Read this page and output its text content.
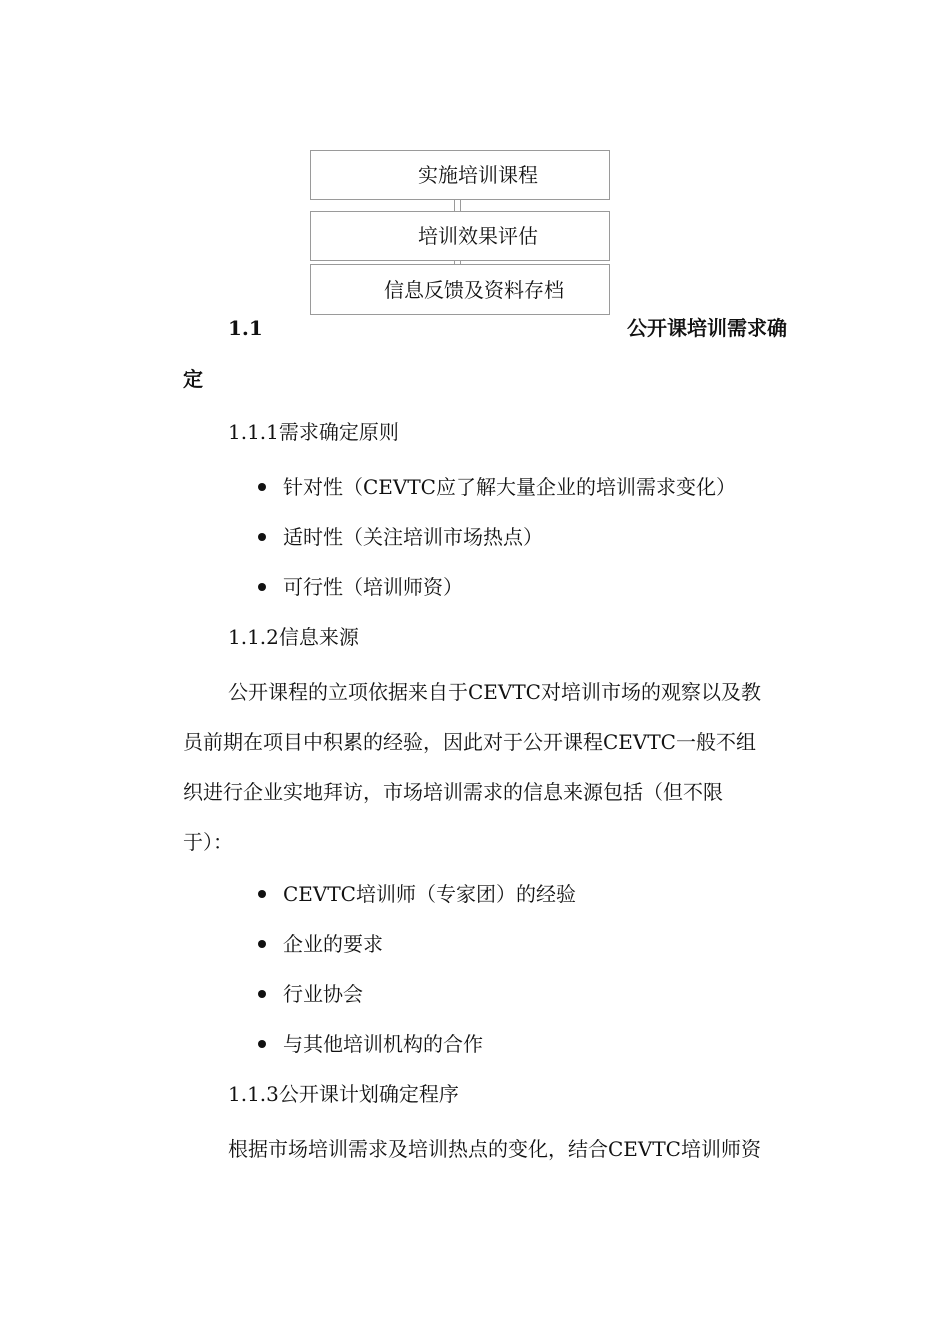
实施培训课程
培训效果评估
信息反馈及资料存档
1.1	公开课培训需求确
定
1.1.1需求确定原则
针对性（CEVTC应了解大量企业的培训需求变化）
适时性（关注培训市场热点）
可行性（培训师资）
1.1.2信息来源
公开课程的立项依据来自于CEVTC对培训市场的观察以及教
员前期在项目中积累的经验，因此对于公开课程CEVTC一般不组
织进行企业实地拜访，市场培训需求的信息来源包括（但不限
于）：
CEVTC培训师（专家团）的经验
企业的要求
行业协会
与其他培训机构的合作
1.1.3公开课计划确定程序
根据市场培训需求及培训热点的变化，结合CEVTC培训师资
